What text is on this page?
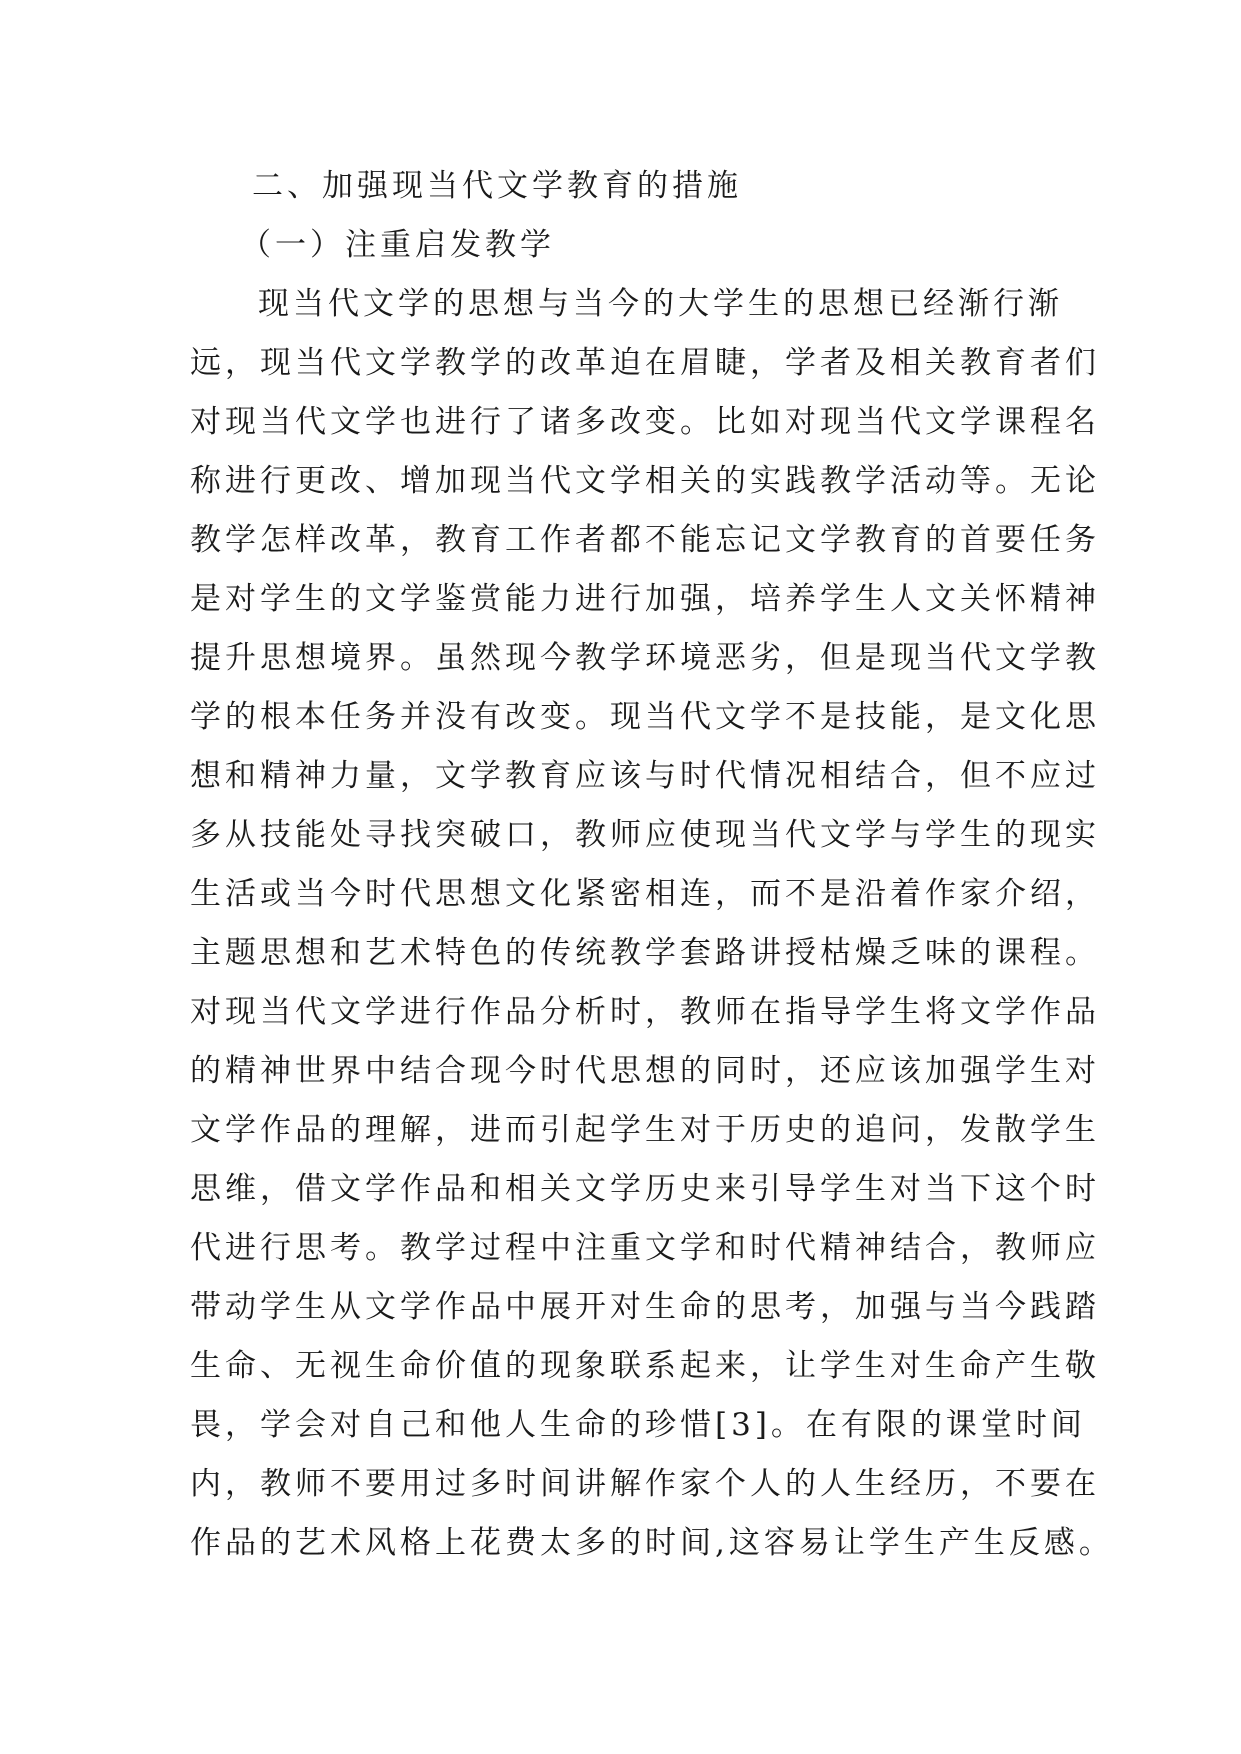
二、加强现当代文学教育的措施
（一）注重启发教学
现当代文学的思想与当今的大学生的思想已经渐行渐
远，现当代文学教学的改革迫在眉睫，学者及相关教育者们
对现当代文学也进行了诸多改变。比如对现当代文学课程名
称进行更改、增加现当代文学相关的实践教学活动等。无论
教学怎样改革，教育工作者都不能忘记文学教育的首要任务
是对学生的文学鉴赏能力进行加强，培养学生人文关怀精神
提升思想境界。虽然现今教学环境恶劣，但是现当代文学教
学的根本任务并没有改变。现当代文学不是技能，是文化思
想和精神力量，文学教育应该与时代情况相结合，但不应过
多从技能处寻找突破口，教师应使现当代文学与学生的现实
生活或当今时代思想文化紧密相连，而不是沿着作家介绍，
主题思想和艺术特色的传统教学套路讲授枯燥乏味的课程。
对现当代文学进行作品分析时，教师在指导学生将文学作品
的精神世界中结合现今时代思想的同时，还应该加强学生对
文学作品的理解，进而引起学生对于历史的追问，发散学生
思维，借文学作品和相关文学历史来引导学生对当下这个时
代进行思考。教学过程中注重文学和时代精神结合，教师应
带动学生从文学作品中展开对生命的思考，加强与当今践踏
生命、无视生命价值的现象联系起来，让学生对生命产生敬
畏，学会对自己和他人生命的珍惜[3]。在有限的课堂时间
内，教师不要用过多时间讲解作家个人的人生经历，不要在
作品的艺术风格上花费太多的时间,这容易让学生产生反感。
